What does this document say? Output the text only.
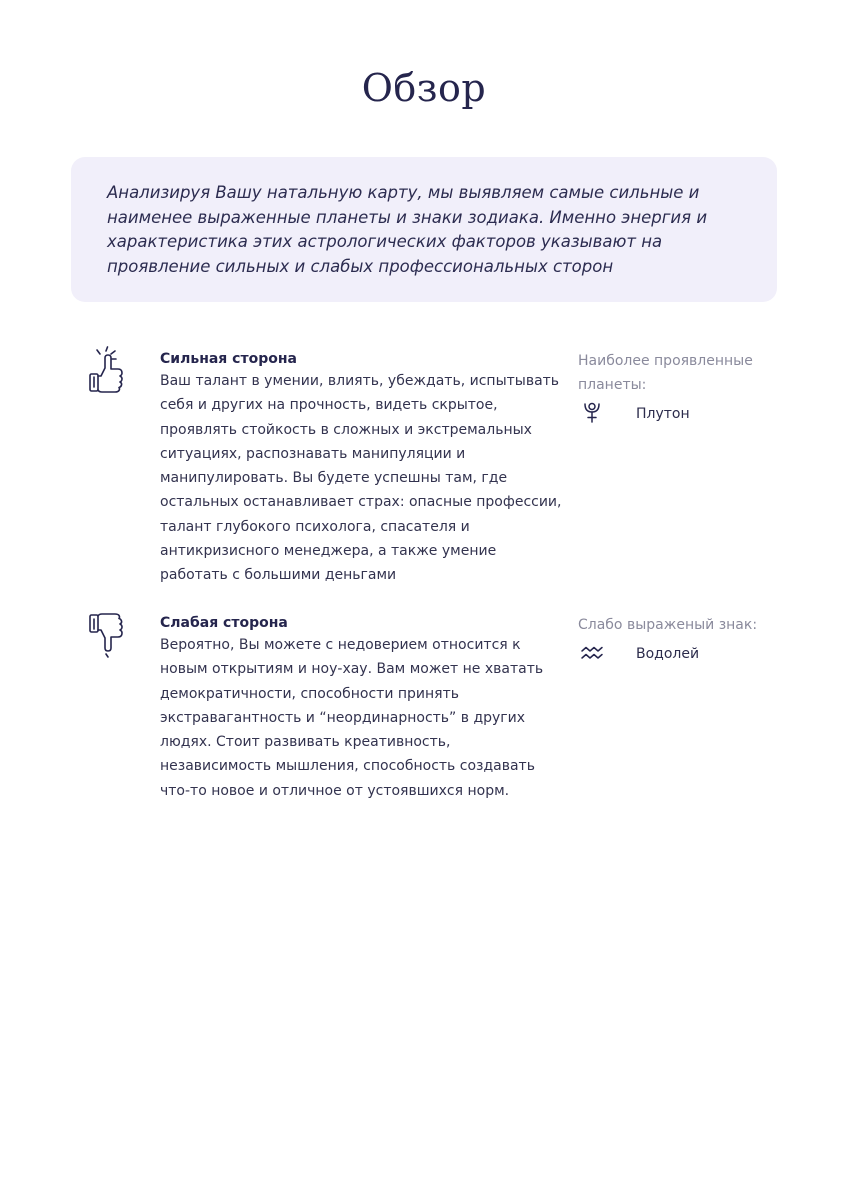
Обзор

Анализируя Вашу натальную карту, мы выявляем самые сильные и наименее выраженные планеты и знаки зодиака. Именно энергия и характеристика этих астрологических факторов указывают на проявление сильных и слабых профессиональных сторон

Сильная сторона

Ваш талант в умении, влиять, убеждать, испытывать себя и других на прочность, видеть скрытое, проявлять стойкость в сложных и экстремальных ситуациях, распознавать манипуляции и манипулировать. Вы будете успешны там, где остальных останавливает страх: опасные профессии, талант глубокого психолога, спасателя и антикризисного менеджера, а также умение работать с большими деньгами

Наиболее проявленные планеты:

Плутон

Слабая сторона

Вероятно, Вы можете с недоверием относится к новым открытиям и ноу-хау. Вам может не хватать демократичности, способности принять экстравагантность и “неординарность” в других людях. Стоит развивать креативность, независимость мышления, способность создавать что-то новое и отличное от устоявшихся норм.

Слабо выраженый знак:

Водолей
